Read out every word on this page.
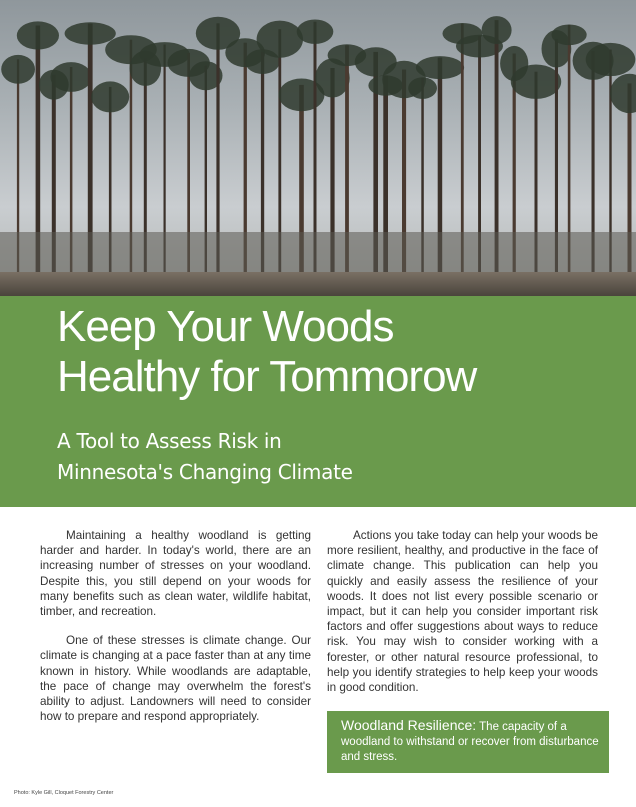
Keep Your Woods
Healthy for Tommorow
A Tool to Assess Risk in
Minnesota's Changing Climate

Maintaining a healthy woodland is getting harder and harder. In today's world, there are an increasing number of stresses on your woodland. Despite this, you still depend on your woods for many benefits such as clean water, wildlife habitat, timber, and recreation.

One of these stresses is climate change. Our climate is changing at a pace faster than at any time known in history. While woodlands are adaptable, the pace of change may overwhelm the forest's ability to adjust. Landowners will need to consider how to prepare and respond appropriately.

Actions you take today can help your woods be more resilient, healthy, and productive in the face of climate change. This publication can help you quickly and easily assess the resilience of your woods. It does not list every possible scenario or impact, but it can help you consider important risk factors and offer suggestions about ways to reduce risk. You may wish to consider working with a forester, or other natural resource professional, to help you identify strategies to help keep your woods in good condition.

Woodland Resilience: The capacity of a woodland to withstand or recover from disturbance and stress.
Photo: Kyle Gill, Cloquet Forestry Center
